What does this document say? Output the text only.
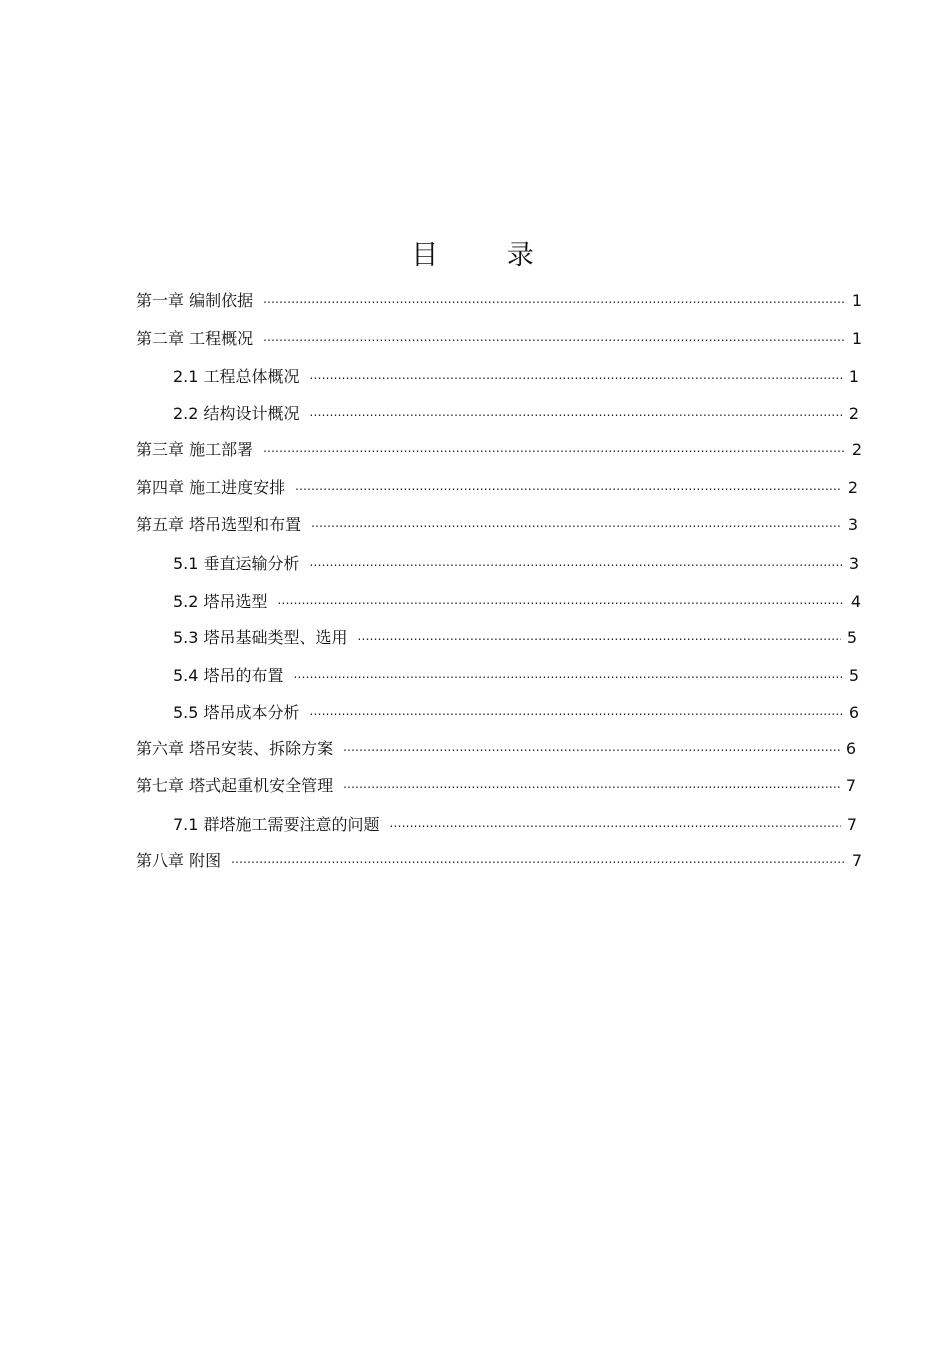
目 录
第一章 编制依据 .....	1
第二章 工程概况 .....	1
2.1 工程总体概况 .....	1
2.2 结构设计概况 .....	2
第三章 施工部署 .....	2
第四章 施工进度安排 .....	2
第五章 塔吊选型和布置 .....	3
5.1 垂直运输分析 .....	3
5.2 塔吊选型 .....	4
5.3 塔吊基础类型、选用 .....	5
5.4 塔吊的布置 .....	5
5.5 塔吊成本分析 .....	6
第六章 塔吊安装、拆除方案 .....	6
第七章 塔式起重机安全管理 .....	7
7.1 群塔施工需要注意的问题 .....	7
第八章 附图 .....	7
